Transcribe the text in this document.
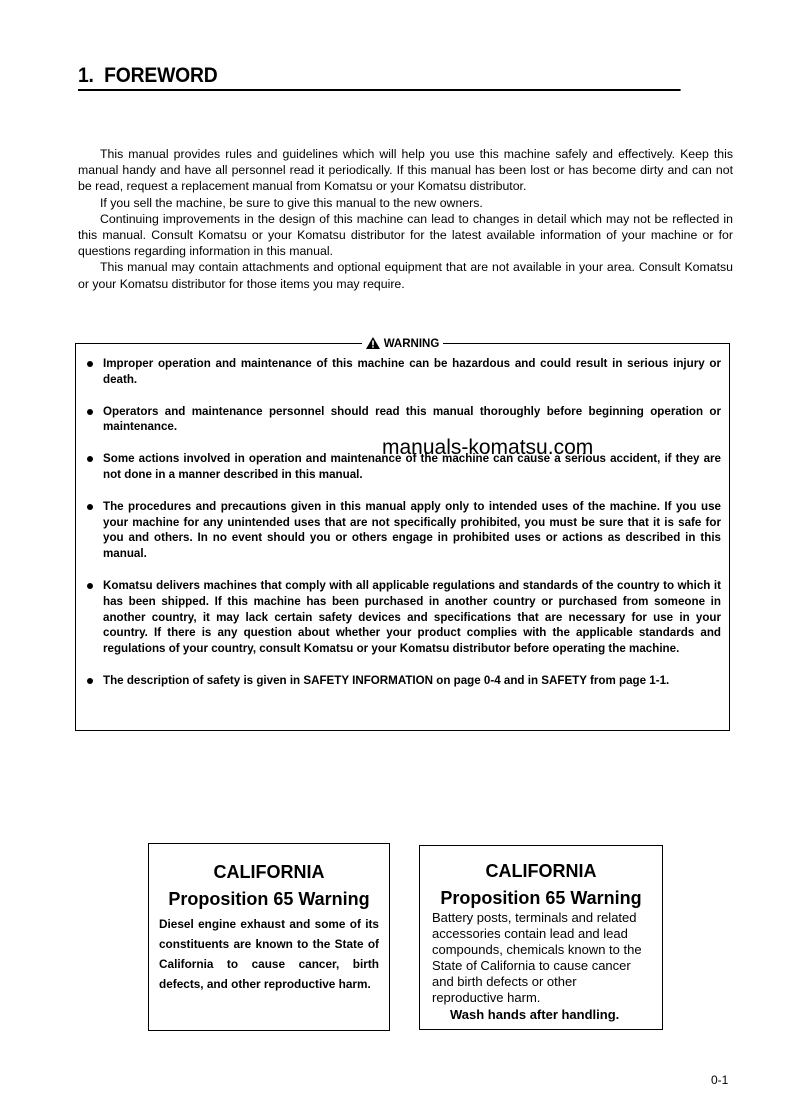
1. FOREWORD

This manual provides rules and guidelines which will help you use this machine safely and effectively. Keep this manual handy and have all personnel read it periodically. If this manual has been lost or has become dirty and can not be read, request a replacement manual from Komatsu or your Komatsu distributor.

If you sell the machine, be sure to give this manual to the new owners.

Continuing improvements in the design of this machine can lead to changes in detail which may not be reflected in this manual. Consult Komatsu or your Komatsu distributor for the latest available information of your machine or for questions regarding information in this manual.

This manual may contain attachments and optional equipment that are not available in your area. Consult Komatsu or your Komatsu distributor for those items you may require.

WARNING
Improper operation and maintenance of this machine can be hazardous and could result in serious injury or death.
Operators and maintenance personnel should read this manual thoroughly before beginning operation or maintenance.
Some actions involved in operation and maintenance of the machine can cause a serious accident, if they are not done in a manner described in this manual.
The procedures and precautions given in this manual apply only to intended uses of the machine. If you use your machine for any unintended uses that are not specifically prohibited, you must be sure that it is safe for you and others. In no event should you or others engage in prohibited uses or actions as described in this manual.
Komatsu delivers machines that comply with all applicable regulations and standards of the country to which it has been shipped. If this machine has been purchased in another country or purchased from someone in another country, it may lack certain safety devices and specifications that are necessary for use in your country. If there is any question about whether your product complies with the applicable standards and regulations of your country, consult Komatsu or your Komatsu distributor before operating the machine.
The description of safety is given in SAFETY INFORMATION on page 0-4 and in SAFETY from page 1-1.
manuals-komatsu.com
CALIFORNIA
Proposition 65 Warning
Diesel engine exhaust and some of its constituents are known to the State of California to cause cancer, birth defects, and other reproductive harm.
CALIFORNIA
Proposition 65 Warning
Battery posts, terminals and related accessories contain lead and lead compounds, chemicals known to the State of California to cause cancer and birth defects or other reproductive harm.
Wash hands after handling.
0-1
